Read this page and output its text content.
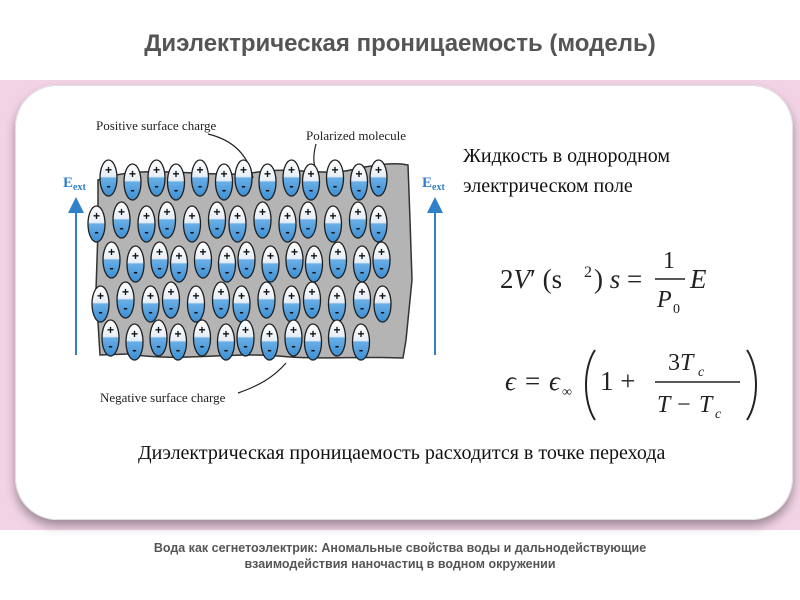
Диэлектрическая проницаемость (модель)
$E_{ext}$	$E_{ext}$
Positive surface charge
Polarized molecule
Negative surface charge
+
-
+
-
+
-
+
-
+
-
+
-
+
-
+
-
+
-
+
-
+
-
+
-
+
-
+
-
+
-
+
-
+
-
+
-
+
-
+
-
+
-
+
-
+
-
+
-
+
-
+
-
+
-
+
-
+
-
+
-
+
-
+
-
+
-
+
-
+
-
+
-
+
-
+
-
+
-
+
-
+
-
+
-
+
-
+
-
+
-
+
-
+
-
+
-
+
-
+
-
+
-
+
-
+
-
+
-
+
-
+
-
+
-
+
-
+
-
+
-
+
-
+
-
+
-
+
-
Жидкость в однородном электрическом поле
2V′ (s 2 ) s =
1
P 0
E
ϵ = ϵ ∞ 1 +
3T c
T − T c
Диэлектрическая проницаемость расходится в точке перехода
Вода как сегнетоэлектрик: Аномальные свойства воды и дальнодействующие взаимодействия наночастиц в водном окружении
